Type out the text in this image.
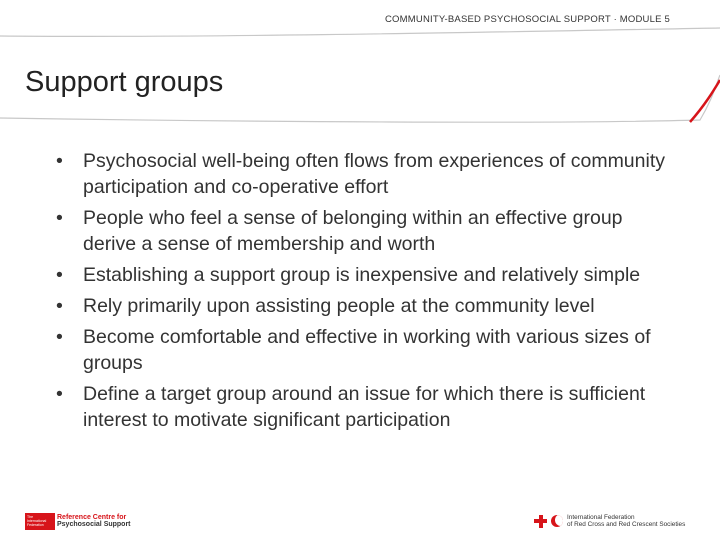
COMMUNITY-BASED PSYCHOSOCIAL SUPPORT · MODULE 5
Support groups
•	Psychosocial well-being often flows from experiences of community participation and co-operative effort
•	People who feel a sense of belonging within an effective group derive a sense of membership and worth
•	Establishing a support group is inexpensive and relatively simple
•	Rely primarily upon assisting people at the community level
•	Become comfortable and effective in working with various sizes of groups
•	Define a target group around an issue for which there is sufficient interest to motivate significant participation
The International Federation
Reference Centre for
Psychosocial Support
International Federation
of Red Cross and Red Crescent Societies
